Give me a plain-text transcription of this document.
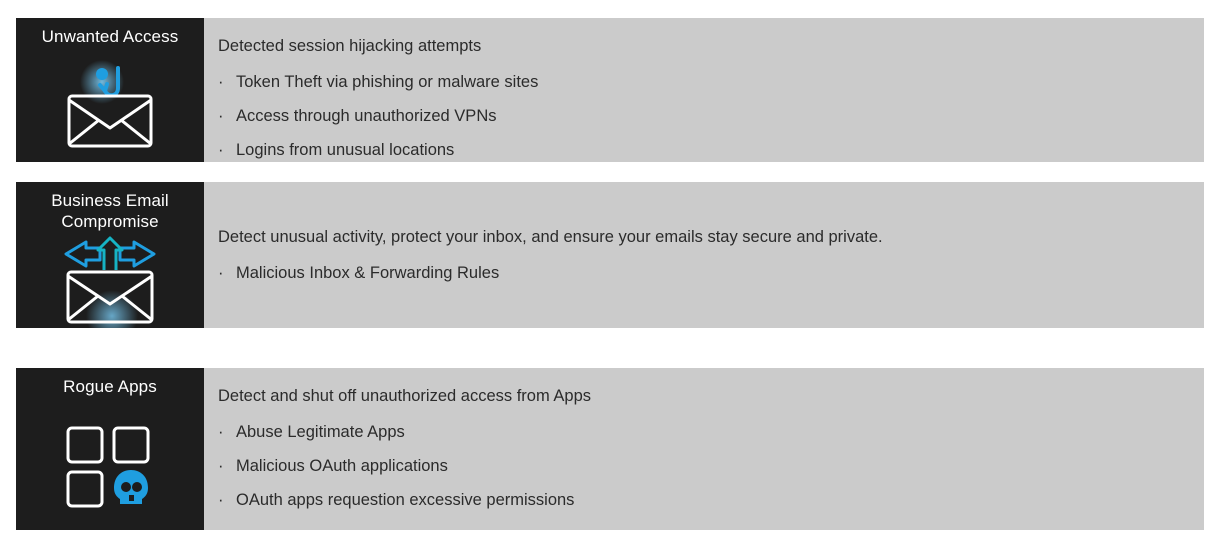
Unwanted Access	Detected session hijacking attempts
· Token Theft via phishing or malware sites
· Access through unauthorized VPNs
· Logins from unusual locations
Business Email Compromise
Detect unusual activity, protect your inbox, and ensure your emails stay secure and private.
· Malicious Inbox & Forwarding Rules
Rogue Apps	Detect and shut off unauthorized access from Apps
· Abuse Legitimate Apps
· Malicious OAuth applications
· OAuth apps requestion excessive permissions
